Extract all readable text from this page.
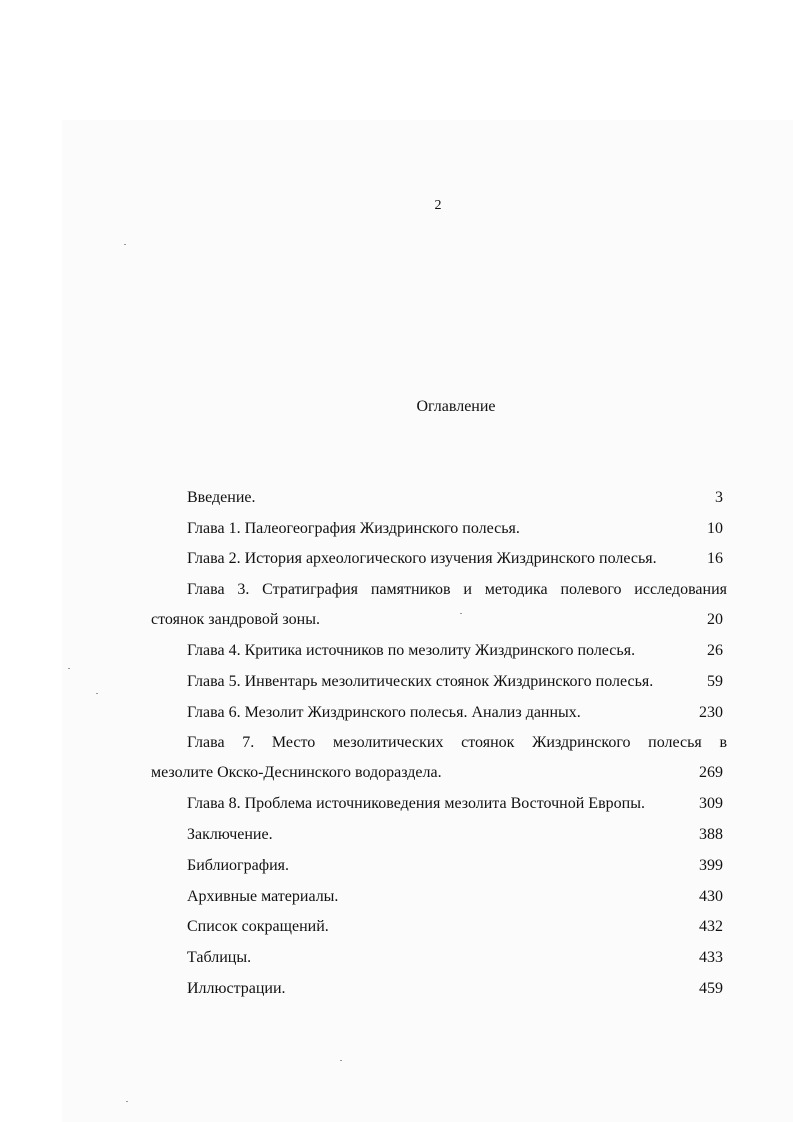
2
Оглавление
Введение.	3
Глава 1. Палеогеография Жиздринского полесья.	10
Глава 2. История археологического изучения Жиздринского полесья.	16
Глава 3. Стратиграфия памятников и методика полевого исследования
стоянок зандровой зоны.	20
Глава 4. Критика источников по мезолиту Жиздринского полесья.	26
Глава 5. Инвентарь мезолитических стоянок Жиздринского полесья.	59
Глава 6. Мезолит Жиздринского полесья. Анализ данных.	230
Глава 7. Место мезолитических стоянок Жиздринского полесья в
мезолите Окско-Деснинского водораздела.	269
Глава 8. Проблема источниковедения мезолита Восточной Европы.	309
Заключение.	388
Библиография.	399
Архивные материалы.	430
Список сокращений.	432
Таблицы.	433
Иллюстрации.	459
